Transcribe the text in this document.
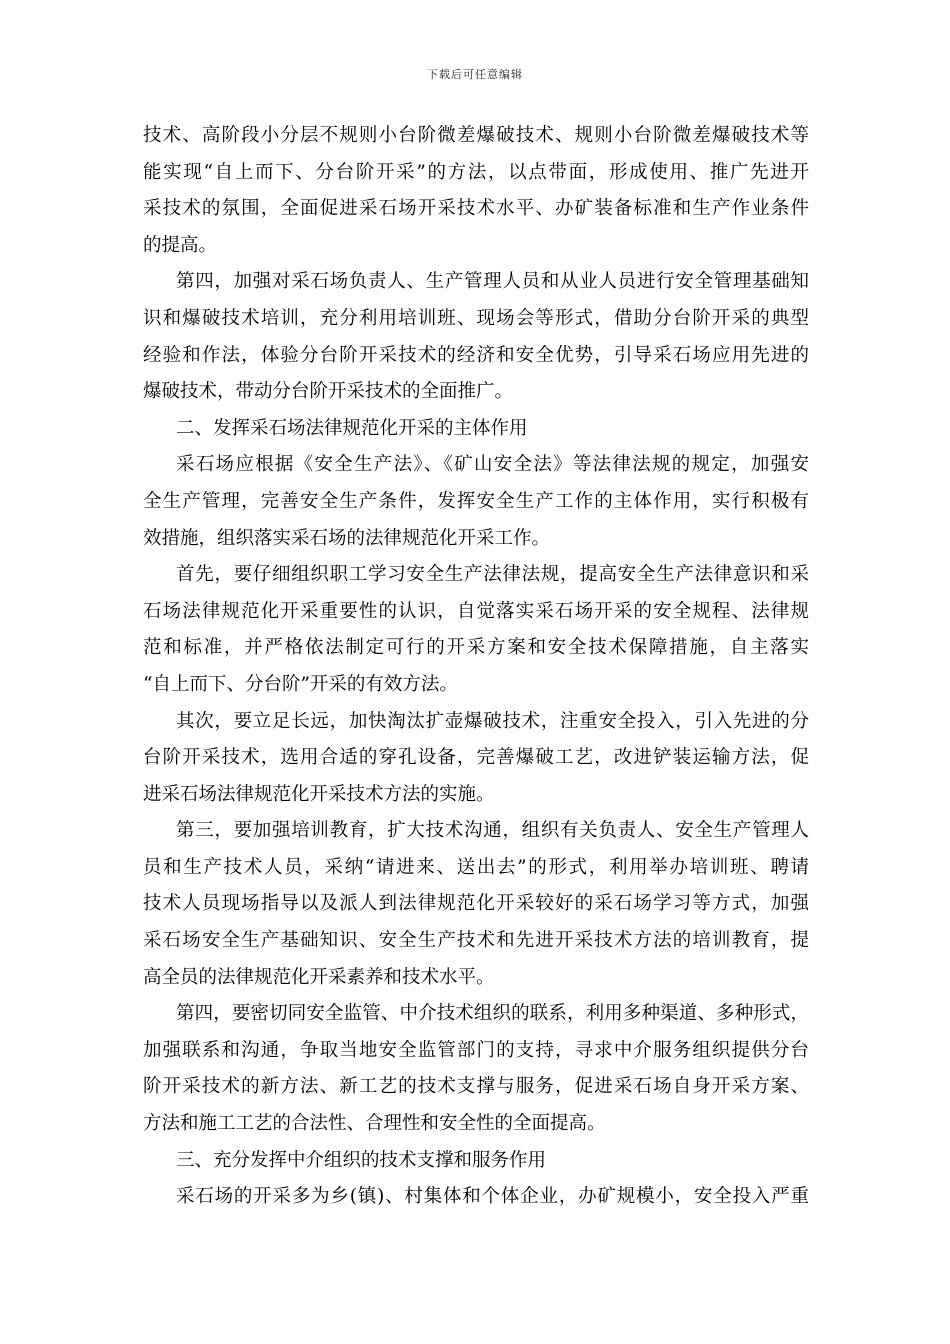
下载后可任意编辑
技术、高阶段小分层不规则小台阶微差爆破技术、规则小台阶微差爆破技术等
能实现“自上而下、分台阶开采”的方法，以点带面，形成使用、推广先进开
采技术的氛围，全面促进采石场开采技术水平、办矿装备标准和生产作业条件
的提高。
第四，加强对采石场负责人、生产管理人员和从业人员进行安全管理基础知
识和爆破技术培训，充分利用培训班、现场会等形式，借助分台阶开采的典型
经验和作法，体验分台阶开采技术的经济和安全优势，引导采石场应用先进的
爆破技术，带动分台阶开采技术的全面推广。
二、发挥采石场法律规范化开采的主体作用
采石场应根据《安全生产法》、《矿山安全法》等法律法规的规定，加强安
全生产管理，完善安全生产条件，发挥安全生产工作的主体作用，实行积极有
效措施，组织落实采石场的法律规范化开采工作。
首先，要仔细组织职工学习安全生产法律法规，提高安全生产法律意识和采
石场法律规范化开采重要性的认识，自觉落实采石场开采的安全规程、法律规
范和标准，并严格依法制定可行的开采方案和安全技术保障措施，自主落实
“自上而下、分台阶”开采的有效方法。
其次，要立足长远，加快淘汰扩壶爆破技术，注重安全投入，引入先进的分
台阶开采技术，选用合适的穿孔设备，完善爆破工艺，改进铲装运输方法，促
进采石场法律规范化开采技术方法的实施。
第三，要加强培训教育，扩大技术沟通，组织有关负责人、安全生产管理人
员和生产技术人员，采纳“请进来、送出去”的形式，利用举办培训班、聘请
技术人员现场指导以及派人到法律规范化开采较好的采石场学习等方式，加强
采石场安全生产基础知识、安全生产技术和先进开采技术方法的培训教育，提
高全员的法律规范化开采素养和技术水平。
第四，要密切同安全监管、中介技术组织的联系，利用多种渠道、多种形式，
加强联系和沟通，争取当地安全监管部门的支持，寻求中介服务组织提供分台
阶开采技术的新方法、新工艺的技术支撑与服务，促进采石场自身开采方案、
方法和施工工艺的合法性、合理性和安全性的全面提高。
三、充分发挥中介组织的技术支撑和服务作用
采石场的开采多为乡(镇)、村集体和个体企业，办矿规模小，安全投入严重
